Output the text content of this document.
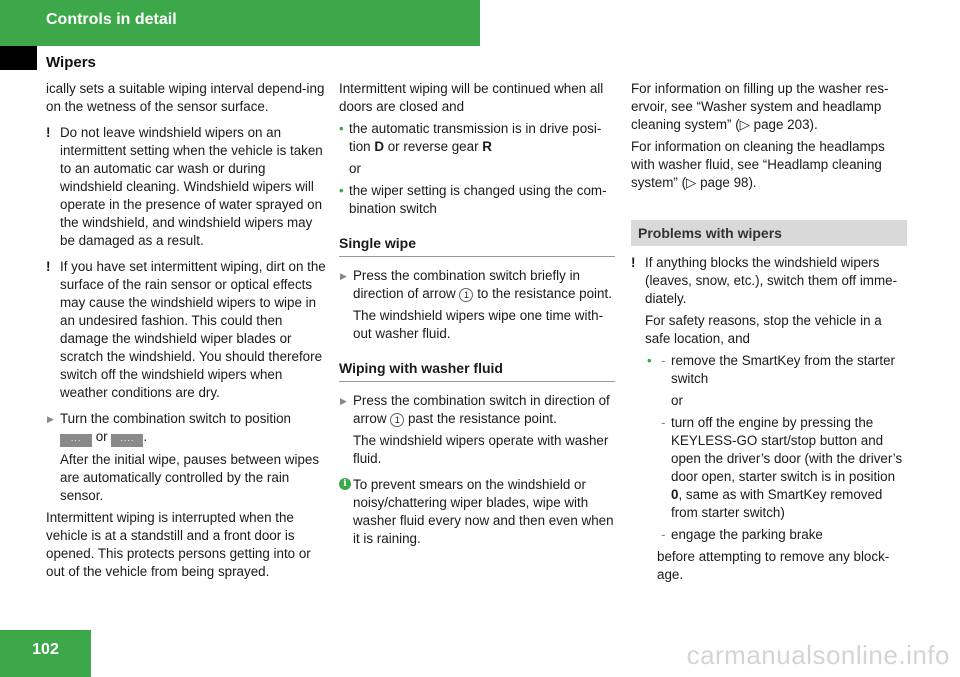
Controls in detail
Wipers

ically sets a suitable wiping interval depend-ing on the wetness of the sensor surface.

! Do not leave windshield wipers on an intermittent setting when the vehicle is taken to an automatic car wash or during windshield cleaning. Windshield wipers will operate in the presence of water sprayed on the windshield, and windshield wipers may be damaged as a result.

! If you have set intermittent wiping, dirt on the surface of the rain sensor or optical effects may cause the windshield wipers to wipe in an undesired fashion. This could then damage the windshield wiper blades or scratch the windshield. You should therefore switch off the windshield wipers when weather conditions are dry.

▶ Turn the combination switch to position
∙∙∙ or ∙∙∙∙ .

After the initial wipe, pauses between wipes are automatically controlled by the rain sensor.

Intermittent wiping is interrupted when the vehicle is at a standstill and a front door is opened. This protects persons getting into or out of the vehicle from being sprayed.

Intermittent wiping will be continued when all doors are closed and

• the automatic transmission is in drive posi-tion D or reverse gear R

or

• the wiper setting is changed using the com-bination switch

Single wipe
▶ Press the combination switch briefly in direction of arrow 1 to the resistance point.

The windshield wipers wipe one time with-out washer fluid.

Wiping with washer fluid
▶ Press the combination switch in direction of arrow 1 past the resistance point.

The windshield wipers operate with washer fluid.

i To prevent smears on the windshield or noisy/chattering wiper blades, wipe with washer fluid every now and then even when it is raining.

For information on filling up the washer res-ervoir, see “Washer system and headlamp cleaning system” (▷ page 203).

For information on cleaning the headlamps with washer fluid, see “Headlamp cleaning system” (▷ page 98).

Problems with wipers
! If anything blocks the windshield wipers (leaves, snow, etc.), switch them off imme-diately.

For safety reasons, stop the vehicle in a safe location, and

• - remove the SmartKey from the starter switch

or

- turn off the engine by pressing the KEYLESS-GO start/stop button and open the driver’s door (with the driver’s door open, starter switch is in position 0, same as with SmartKey removed from starter switch)

- engage the parking brake

before attempting to remove any block-age.

102	carmanualsonline.info
